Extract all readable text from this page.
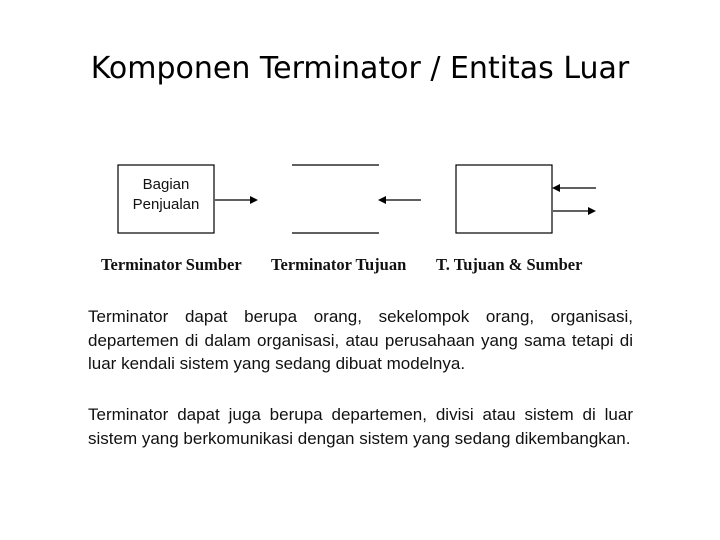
Komponen Terminator / Entitas Luar
Bagian Penjualan
Terminator Sumber Terminator Tujuan T. Tujuan & Sumber
Terminator dapat berupa orang, sekelompok orang, organisasi, departemen di dalam organisasi, atau perusahaan yang sama tetapi di luar kendali sistem yang sedang dibuat modelnya.
Terminator dapat juga berupa departemen, divisi atau sistem di luar sistem yang berkomunikasi dengan sistem yang sedang dikembangkan.
